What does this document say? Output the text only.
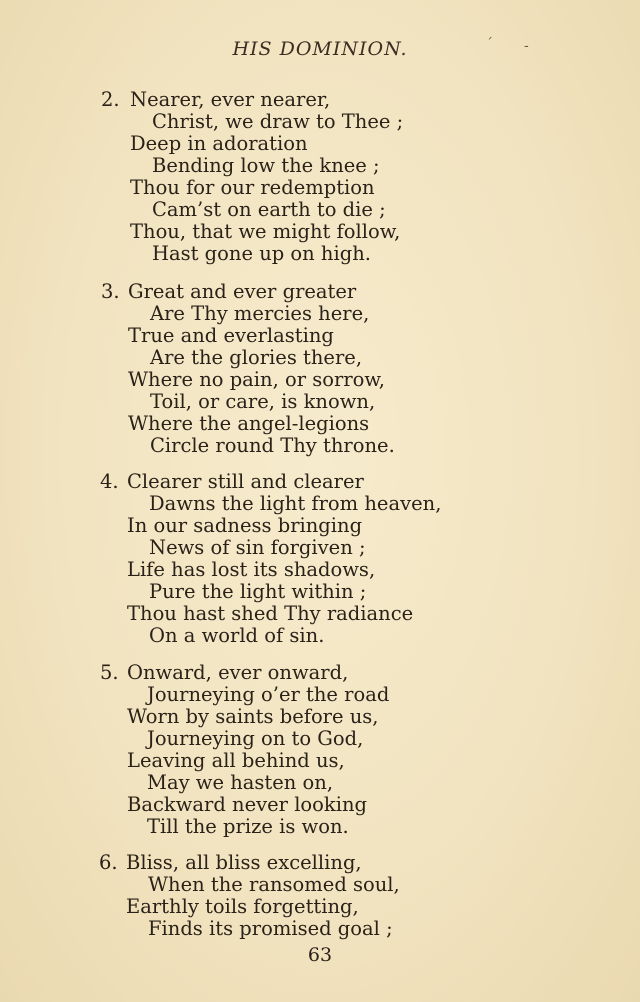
HIS DOMINION.	ˊ -
2. Nearer, ever nearer,
Christ, we draw to Thee ;
Deep in adoration
Bending low the knee ;
Thou for our redemption
Cam’st on earth to die ;
Thou, that we might follow,
Hast gone up on high.
3. Great and ever greater
Are Thy mercies here,
True and everlasting
Are the glories there,
Where no pain, or sorrow,
Toil, or care, is known,
Where the angel-legions
Circle round Thy throne.
4. Clearer still and clearer
Dawns the light from heaven,
In our sadness bringing
News of sin forgiven ;
Life has lost its shadows,
Pure the light within ;
Thou hast shed Thy radiance
On a world of sin.
5. Onward, ever onward,
Journeying o’er the road
Worn by saints before us,
Journeying on to God,
Leaving all behind us,
May we hasten on,
Backward never looking
Till the prize is won.
6. Bliss, all bliss excelling,
When the ransomed soul,
Earthly toils forgetting,
Finds its promised goal ;
63
